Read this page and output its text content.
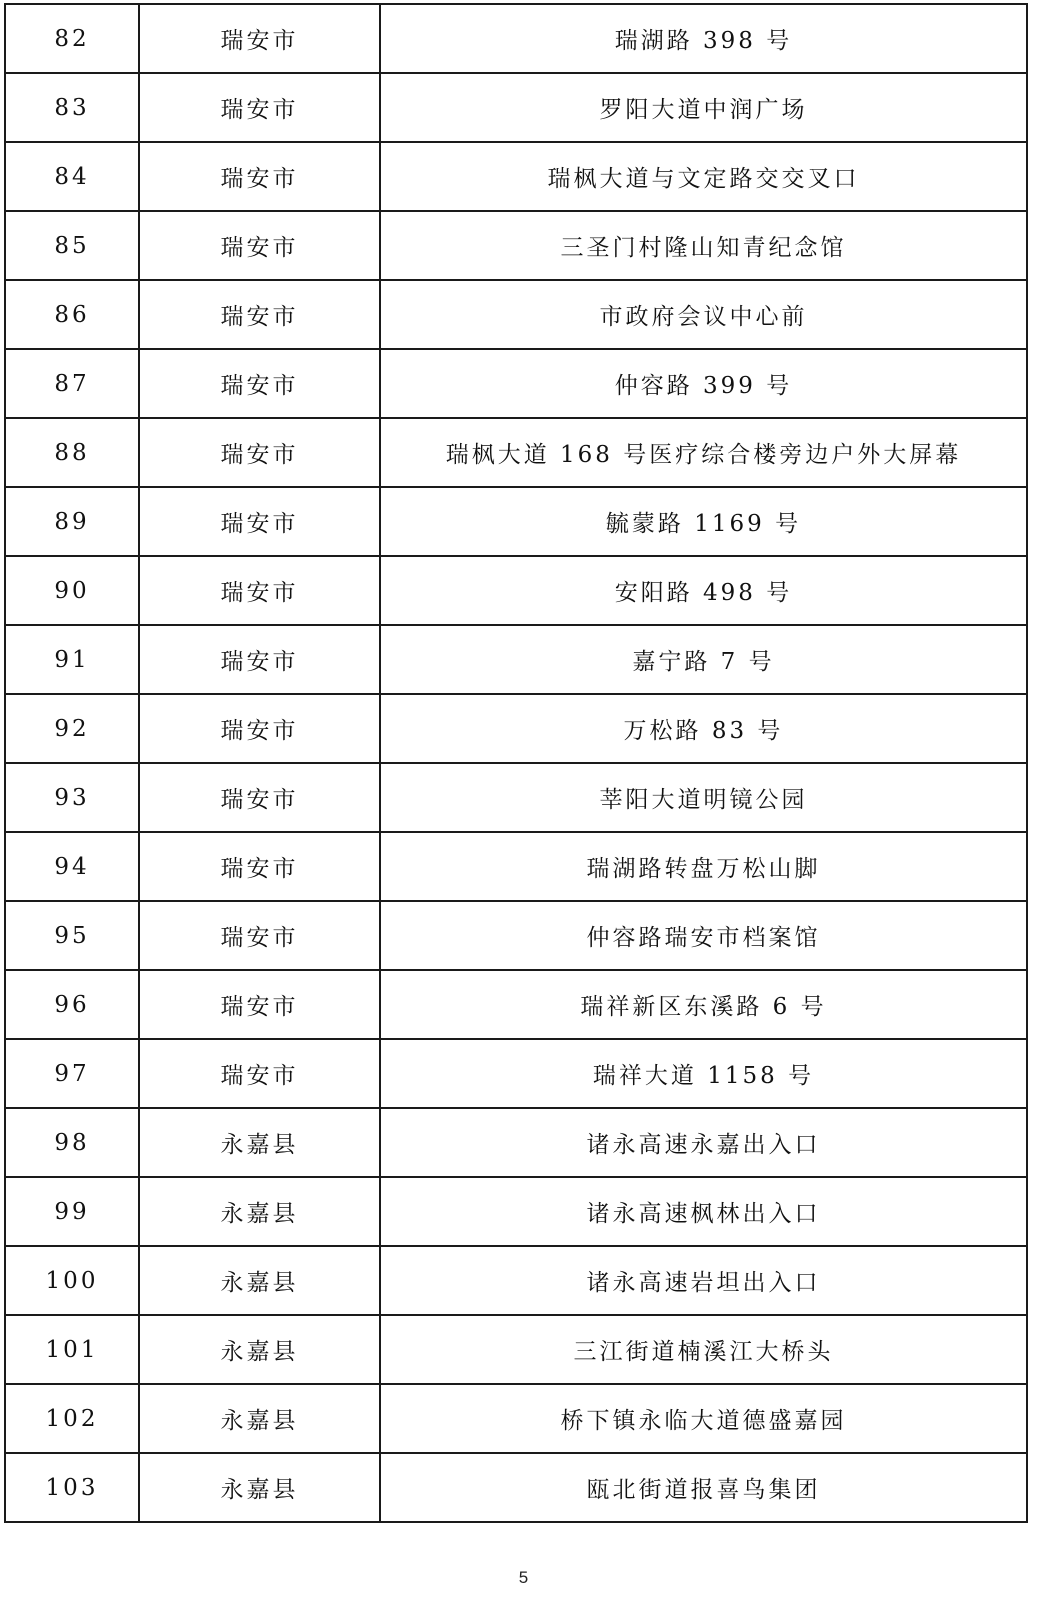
82	瑞安市	瑞湖路 398 号
83	瑞安市	罗阳大道中润广场
84	瑞安市	瑞枫大道与文定路交交叉口
85	瑞安市	三圣门村隆山知青纪念馆
86	瑞安市	市政府会议中心前
87	瑞安市	仲容路 399 号
88	瑞安市	瑞枫大道 168 号医疗综合楼旁边户外大屏幕
89	瑞安市	毓蒙路 1169 号
90	瑞安市	安阳路 498 号
91	瑞安市	嘉宁路 7 号
92	瑞安市	万松路 83 号
93	瑞安市	莘阳大道明镜公园
94	瑞安市	瑞湖路转盘万松山脚
95	瑞安市	仲容路瑞安市档案馆
96	瑞安市	瑞祥新区东溪路 6 号
97	瑞安市	瑞祥大道 1158 号
98	永嘉县	诸永高速永嘉出入口
99	永嘉县	诸永高速枫林出入口
100	永嘉县	诸永高速岩坦出入口
101	永嘉县	三江街道楠溪江大桥头
102	永嘉县	桥下镇永临大道德盛嘉园
103	永嘉县	瓯北街道报喜鸟集团
5
